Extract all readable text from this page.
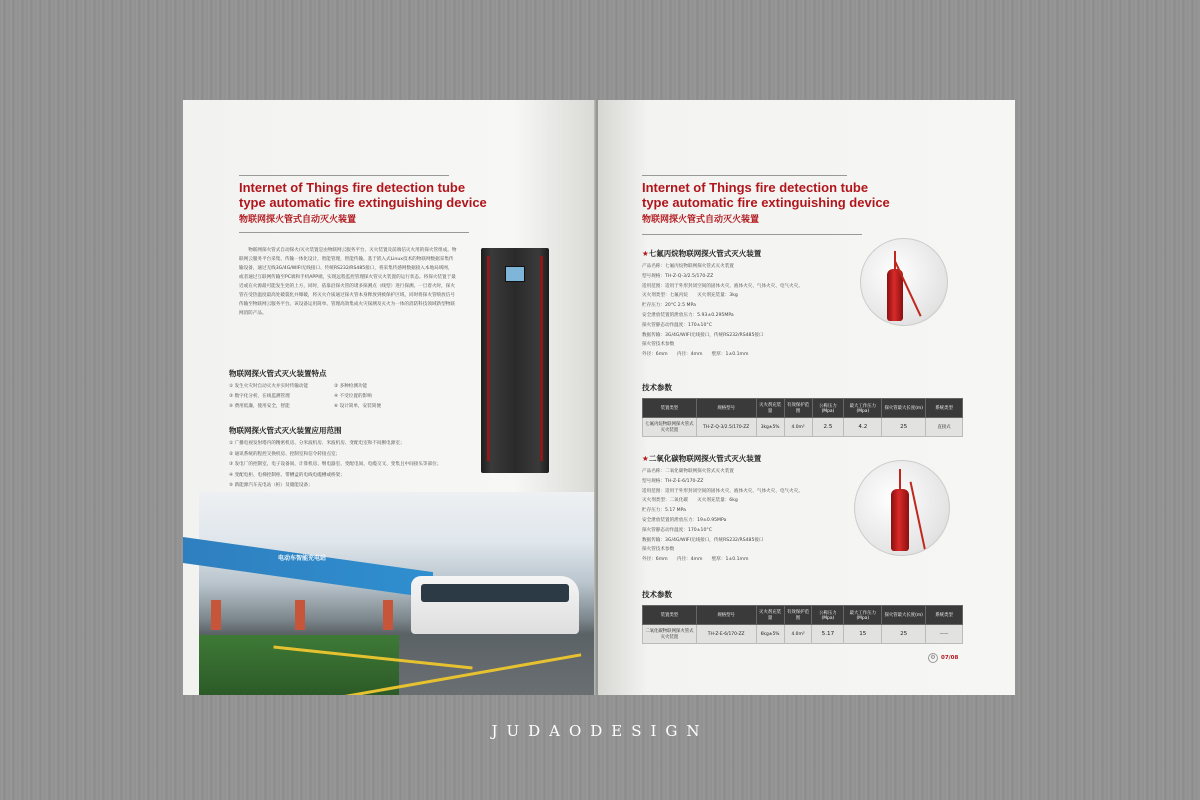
Internet of Things fire detection tube
type automatic fire extinguishing device
物联网探火管式自动灭火装置

物联网探火管式自动探火/灭火装置是由物联网云服务平台、灭火装置及前端信灭火用的探火管组成。物联网云服务平台采集、传输一体化设计，智能管理，智能传输。基于嵌入式Linux技术的物联网数据采集传输设备，通过无线3G/4G/WIFI无线接口、传统RS232/RS485接口，将采集传感网数据接入本地局域网，或者通过互联网传输至PC端和手机APP端，实现远程监控管理探火管灭火装置的运行状态。将探火装置于最近或在火源最可能发生处的上方，同时，依靠沿探火管的诸多探测点（线型）进行探测。一旦着火时，探火管在受热温度最高处破裂化并爆破，将灭火介质通过探火管本身释放到被保护区域，同时将探火管喷放信号传输至物联网云服务平台。该设备运用简单、管理高效集成火灾探测及灭火为一体的消防科技领域新型物联网消防产品。

物联网探火管式灭火装置特点
① 发生火灾时自动灭火并实时传输动能	② 多种检测功能
③ 数字化分析，在线监测管理	④ 不受位置的影响
⑤ 费用低廉，使用安全，智能	⑥ 设计简单，安装简便
物联网探火管式灭火装置应用范围
① 广播电视发射塔内的精密机房、分米波机房、米波机房、变配电室和不间断电源室；
② 通讯系统的程控交换机房、控制室和信令转接点室；
③ 发电厂的控制室、电子设备间、计算机房、继电器室、变配电间、电缆交叉、变集且中间接头等部位；
④ 变配电柜、电梯控制柜、带槽盒的电线电缆槽或桥架；
⑤ 新能源汽车充电站（桩）及储能设备；
电动车智能充电站
Internet of Things fire detection tube
type automatic fire extinguishing device
物联网探火管式自动灭火装置
★七氟丙烷物联网探火管式灭火装置
产品名称：七氟丙烷物联网探火管式灭火装置
型号规格：TH-Z-Q-3/2.5/170-ZZ
适用范围：适用于外形封闭空间的固体火灾、液体火灾、气体火灾、电气火灾。
灭火剂类型：七氟丙烷　　灭火剂充装量：3kg
贮存压力：20°C 2.5 MPa
安全泄放装置的泄放压力：5.93±0.295MPa
探火管静态动作温度：170±10°C
数据传输：3G/4G/WIFI无线接口，传统RS232/RS485接口
探火管技术参数
外径：6mm　　内径：4mm　　壁厚：1±0.1mm
技术参数
装置类型	规格型号	灭火剂充装量	有效保护范围	公称压力(Mpa)	最大工作压力(Mpa)	探火管最大长度(m)	系统类型
七氟丙烷物联网探火管式灭火装置	TH-Z-Q-3/2.5/170-ZZ	3kg±5%	4.0m³	2.5	4.2	25	直接式
★二氧化碳物联网探火管式灭火装置
产品名称：二氧化碳物联网探火管式灭火装置
型号规格：TH-Z-E-6/170-ZZ
适用范围：适用于外形封闭空间的固体火灾、液体火灾、气体火灾、电气火灾。
灭火剂类型：二氧化碳　　灭火剂充装量：6kg
贮存压力：5.17 MPa
安全泄放装置的泄放压力：19±0.95MPa
探火管静态动作温度：170±10°C
数据传输：3G/4G/WIFI无线接口，传统RS232/RS485接口
探火管技术参数
外径：6mm　　内径：4mm　　壁厚：1±0.1mm
技术参数
装置类型	规格型号	灭火剂充装量	有效保护范围	公称压力(Mpa)	最大工作压力(Mpa)	探火管最大长度(m)	系统类型
二氧化碳物联网探火管式灭火装置	TH-Z-E-6/170-ZZ	6kg±5%	4.0m³	5.17	15	25	——
⚙ 07/08
JUDAODESIGN
